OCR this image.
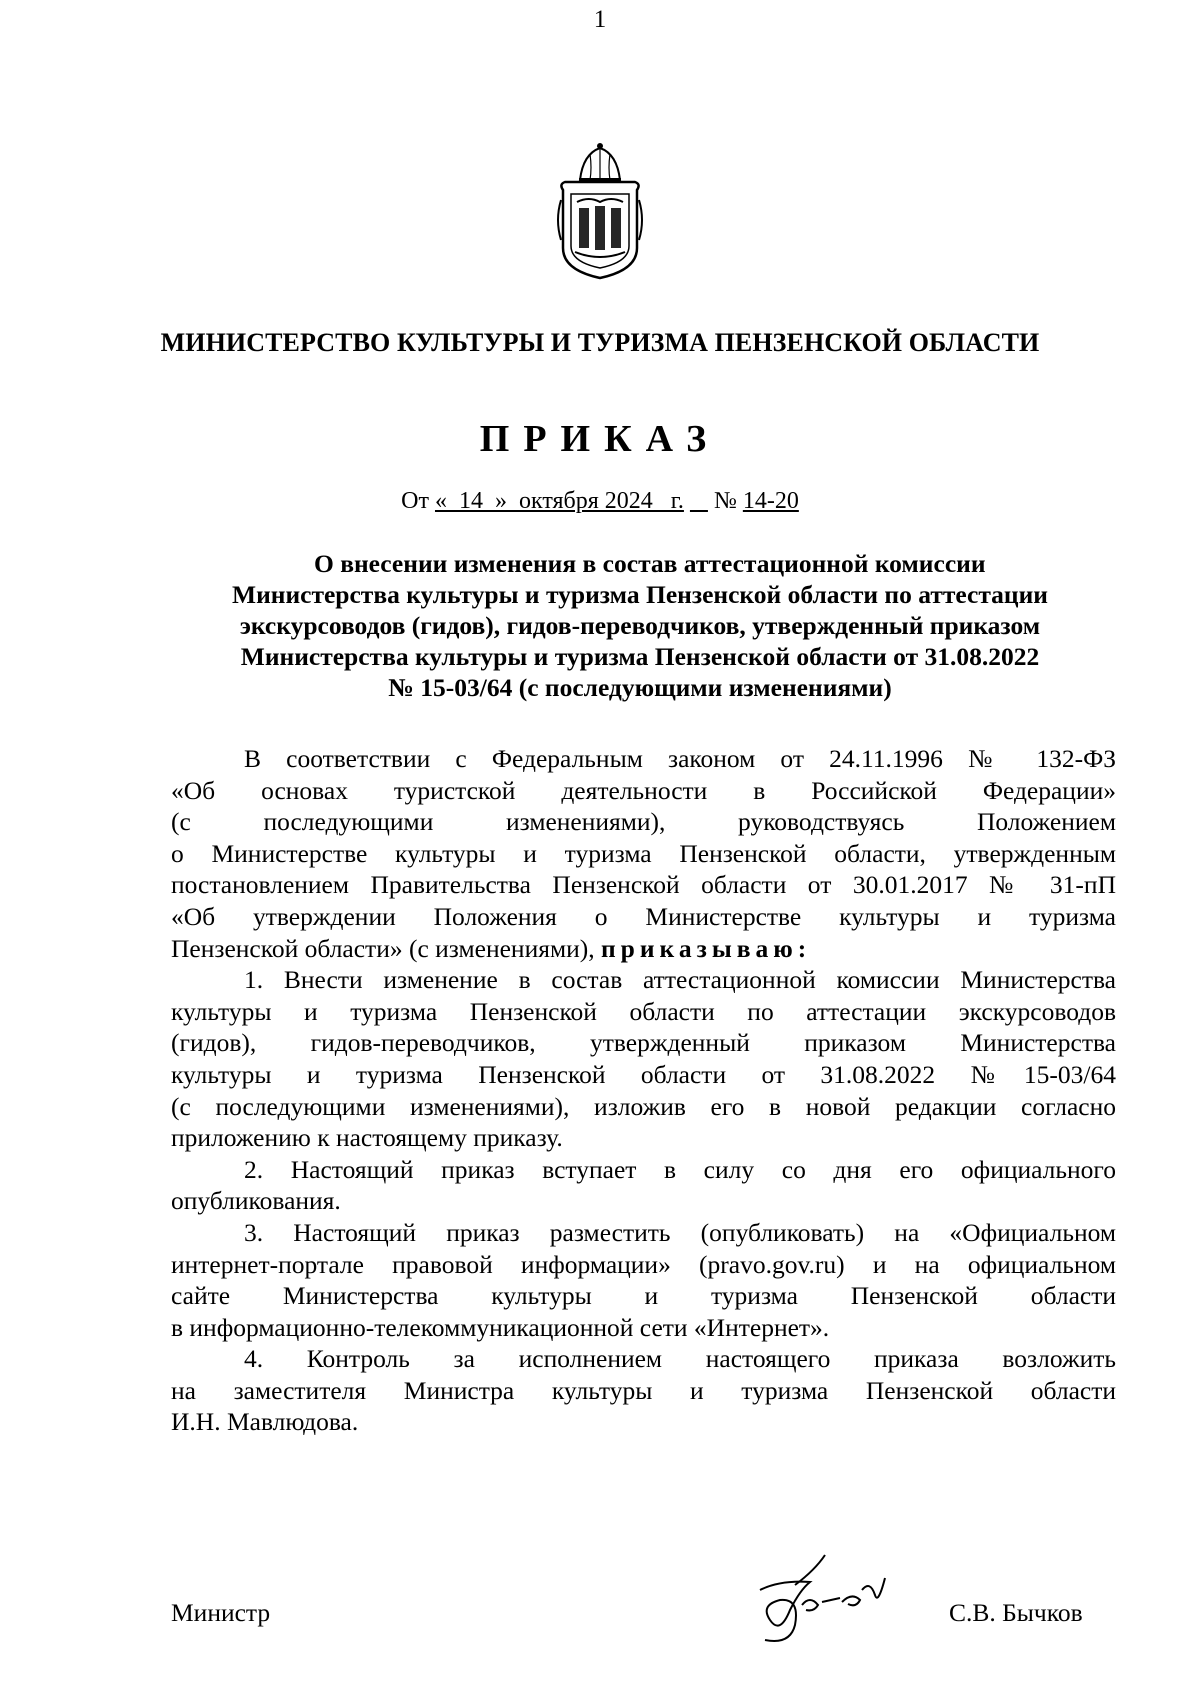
1
МИНИСТЕРСТВО КУЛЬТУРЫ И ТУРИЗМА ПЕНЗЕНСКОЙ ОБЛАСТИ
ПРИКАЗ
От «  14  »  октября 2024   г. № 14-20
О внесении изменения в состав аттестационной комиссии
Министерства культуры и туризма Пензенской области по аттестации
экскурсоводов (гидов), гидов-переводчиков, утвержденный приказом
Министерства культуры и туризма Пензенской области от 31.08.2022
№ 15-03/64 (с последующими изменениями)
В соответствии с Федеральным законом от 24.11.1996 № 132-ФЗ
«Об основах туристской деятельности в Российской Федерации»
(с последующими изменениями), руководствуясь Положением
о Министерстве культуры и туризма Пензенской области, утвержденным
постановлением Правительства Пензенской области от 30.01.2017 № 31-пП
«Об утверждении Положения о Министерстве культуры и туризма
Пензенской области» (с изменениями), приказываю:
1. Внести изменение в состав аттестационной комиссии Министерства
культуры и туризма Пензенской области по аттестации экскурсоводов
(гидов), гидов-переводчиков, утвержденный приказом Министерства
культуры и туризма Пензенской области от 31.08.2022 №15-03/64
(с последующими изменениями), изложив его в новой редакции согласно
приложению к настоящему приказу.
2. Настоящий приказ вступает в силу со дня его официального
опубликования.
3. Настоящий приказ разместить (опубликовать) на «Официальном
интернет-портале правовой информации» (pravo.gov.ru) и на официальном
сайте Министерства культуры и туризма Пензенской области
в информационно-телекоммуникационной сети «Интернет».
4. Контроль за исполнением настоящего приказа возложить
на заместителя Министра культуры и туризма Пензенской области
И.Н. Мавлюдова.
Министр	С.В. Бычков
